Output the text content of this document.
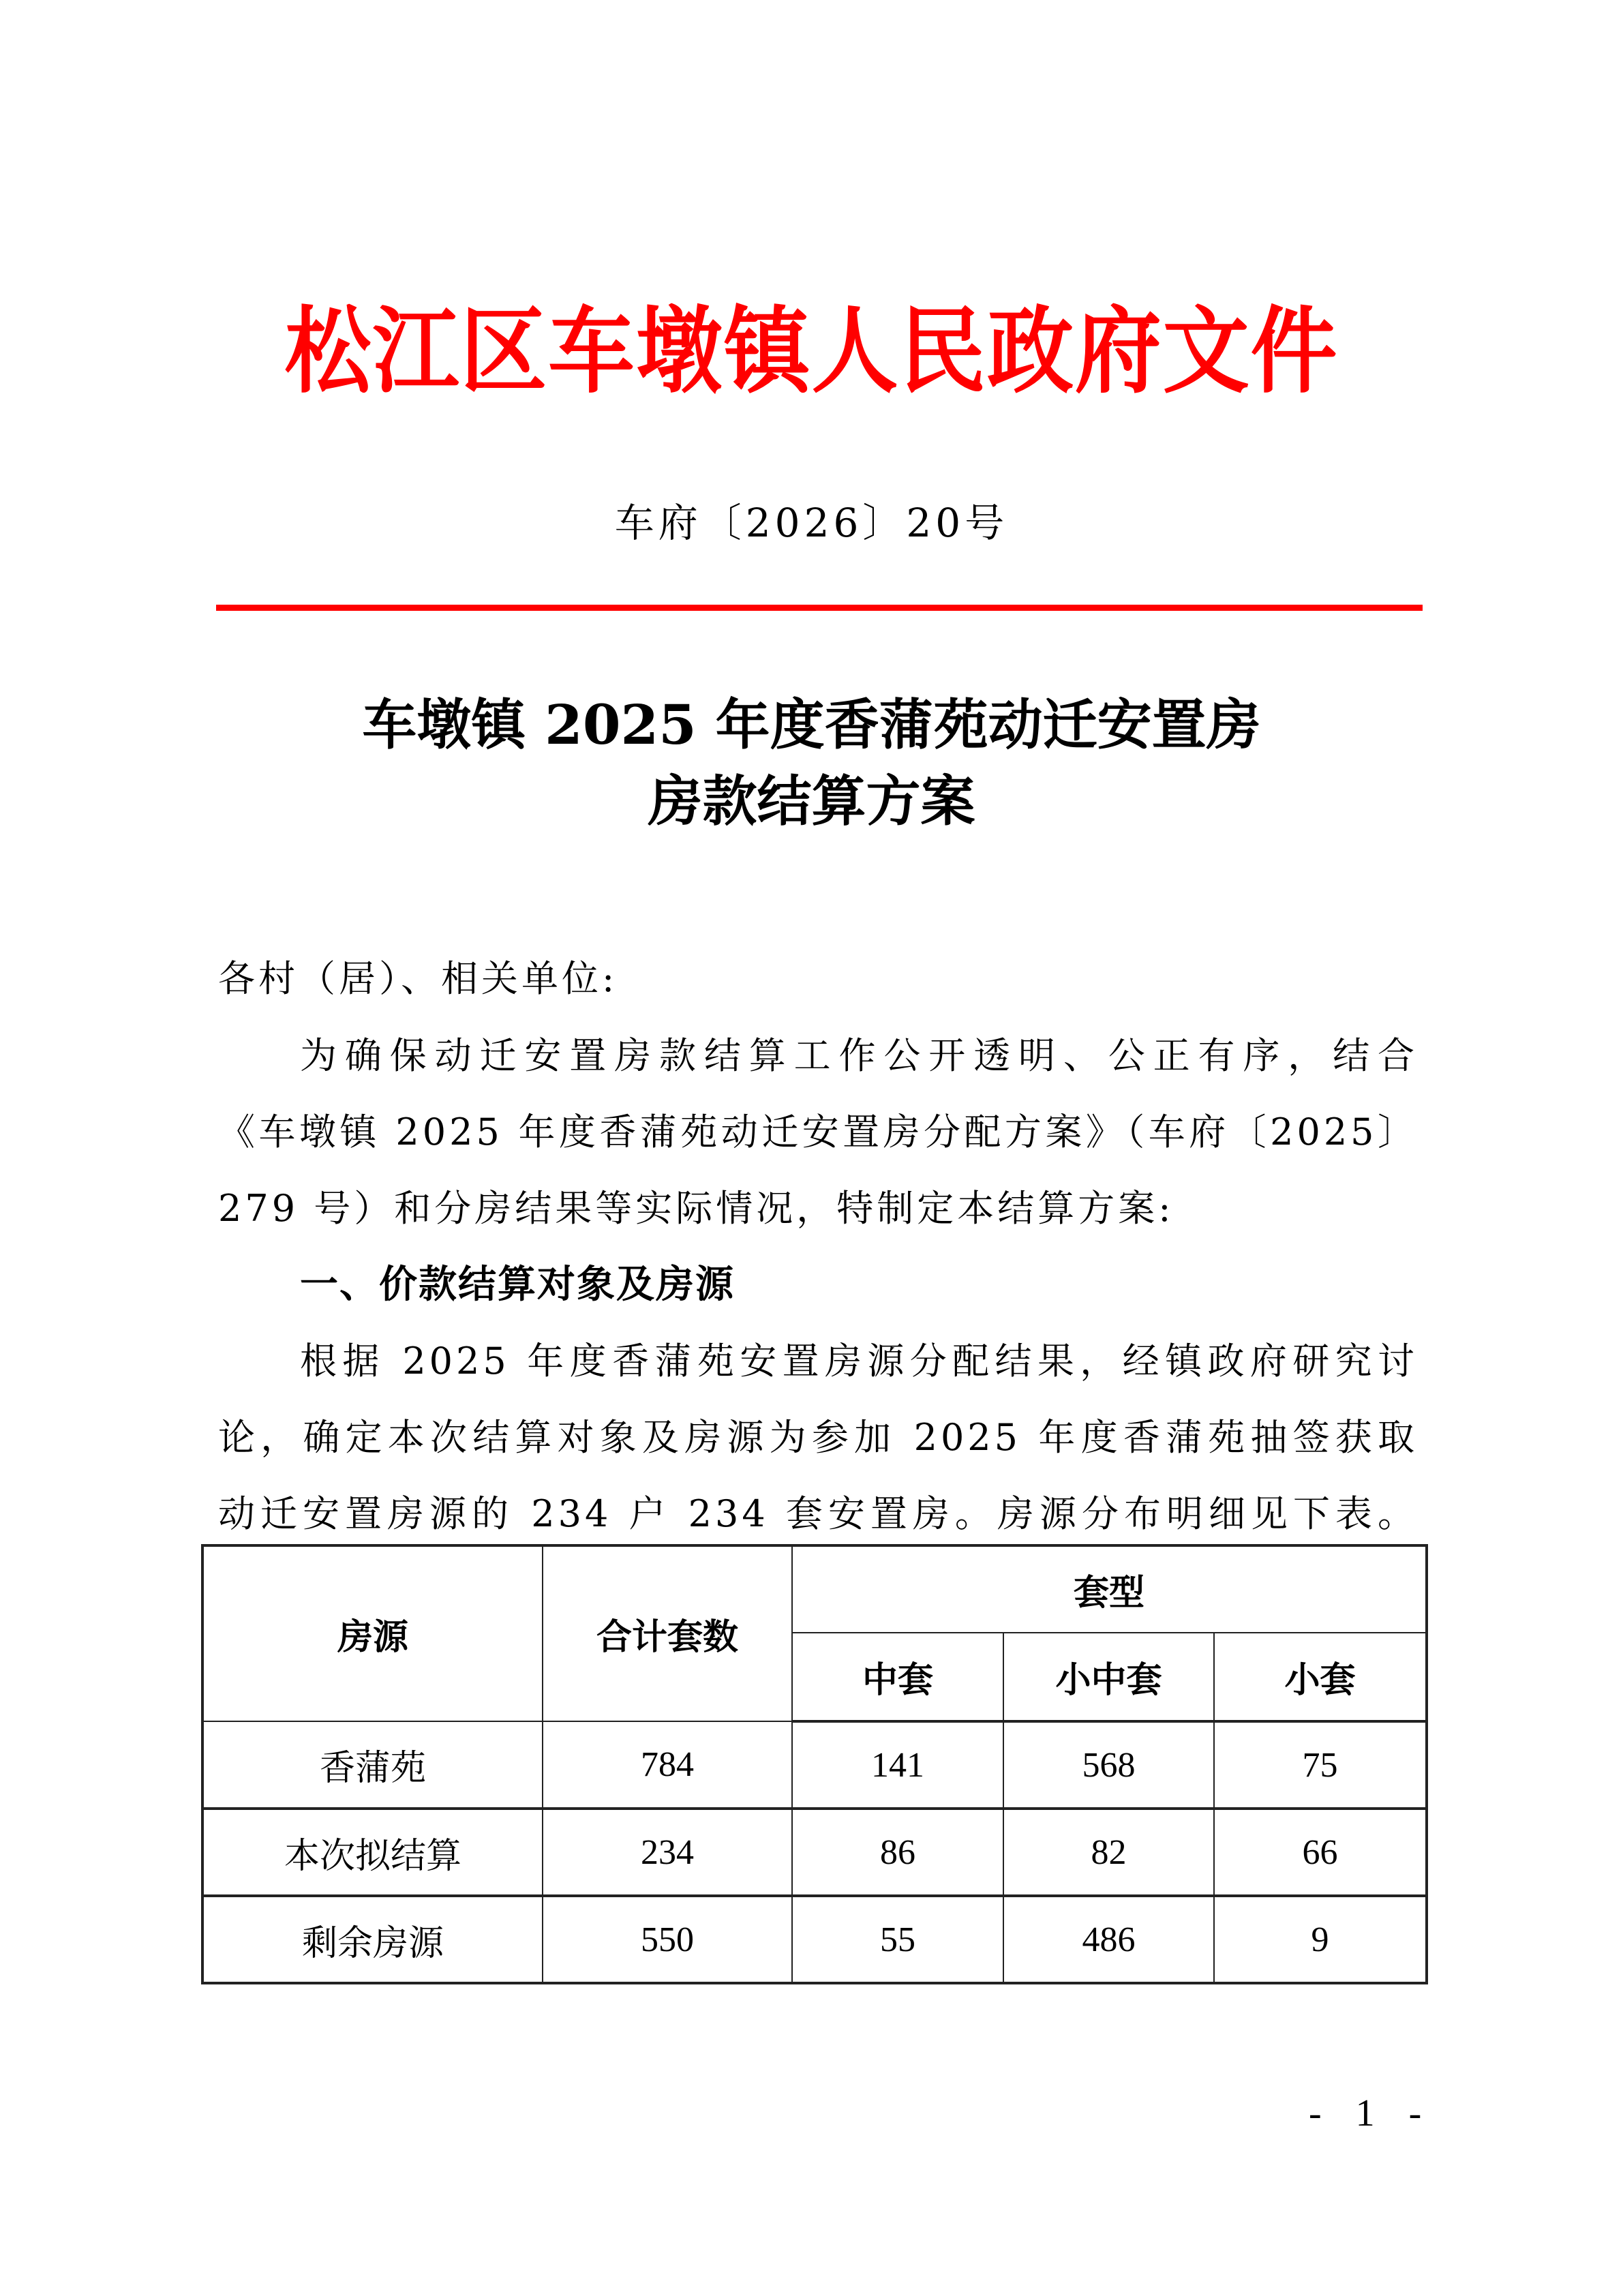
松江区车墩镇人民政府文件
车府〔2026〕20号
车墩镇 2025 年度香蒲苑动迁安置房
房款结算方案
各村（居）、相关单位:
为确保动迁安置房款结算工作公开透明、公正有序，结合
《车墩镇 2025 年度香蒲苑动迁安置房分配方案》（车府〔2025〕
279 号）和分房结果等实际情况，特制定本结算方案:
一、价款结算对象及房源
根据 2025 年度香蒲苑安置房源分配结果，经镇政府研究讨
论，确定本次结算对象及房源为参加 2025 年度香蒲苑抽签获取
动迁安置房源的 234 户 234 套安置房。房源分布明细见下表。
房源	合计套数	套型		
		中套	小中套	小套
香蒲苑	784	141	568	75
本次拟结算	234	86	82	66
剩余房源	550	55	486	9
- 1 -
